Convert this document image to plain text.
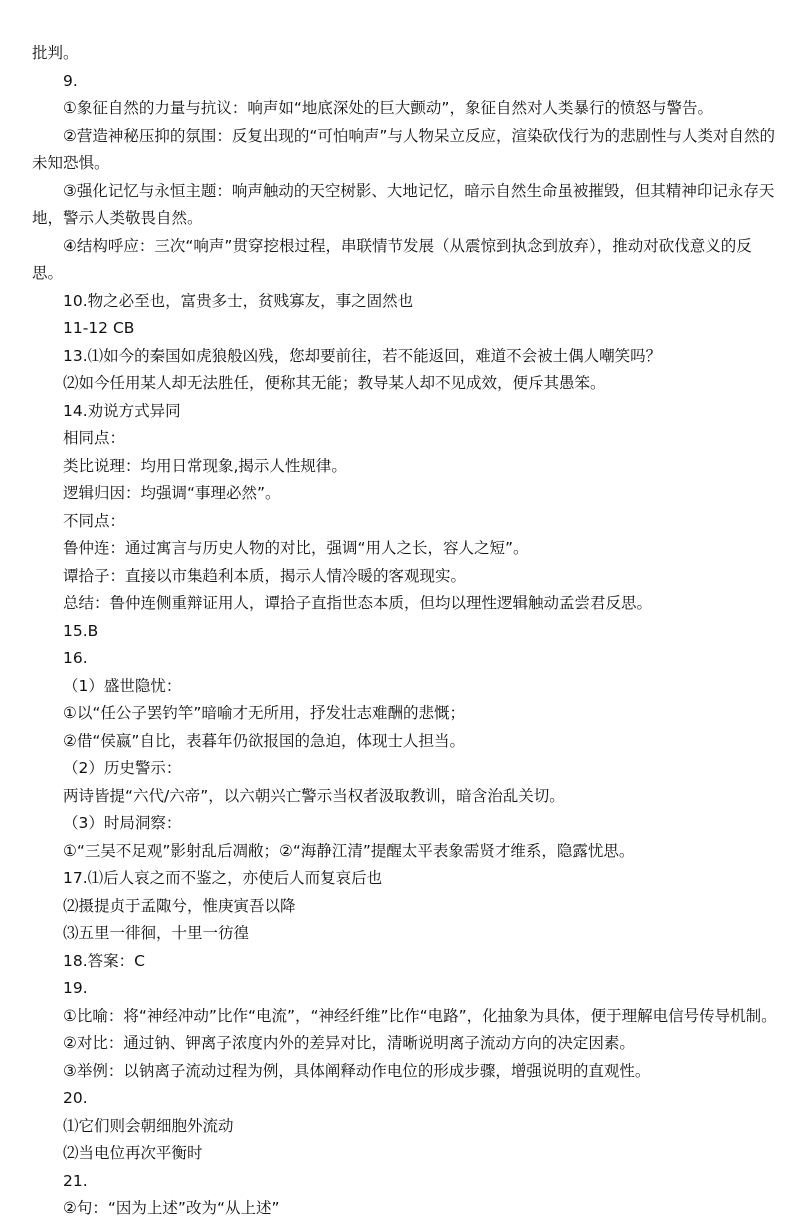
批判。
9.
①象征自然的力量与抗议：响声如“地底深处的巨大颤动”，象征自然对人类暴行的愤怒与警告。
②营造神秘压抑的氛围：反复出现的“可怕响声”与人物呆立反应，渲染砍伐行为的悲剧性与人类对自然的未知恐惧。
③强化记忆与永恒主题：响声触动的天空树影、大地记忆，暗示自然生命虽被摧毁，但其精神印记永存天地，警示人类敬畏自然。
④结构呼应：三次“响声”贯穿挖根过程，串联情节发展（从震惊到执念到放弃），推动对砍伐意义的反思。
10.物之必至也，富贵多士，贫贱寡友，事之固然也
11-12 CB
13.⑴如今的秦国如虎狼般凶残，您却要前往，若不能返回，难道不会被土偶人嘲笑吗？
⑵如今任用某人却无法胜任，便称其无能；教导某人却不见成效，便斥其愚笨。
14.劝说方式异同
相同点：
类比说理：均用日常现象,揭示人性规律。
逻辑归因：均强调“事理必然”。
不同点：
鲁仲连：通过寓言与历史人物的对比，强调“用人之长，容人之短”。
谭拾子：直接以市集趋利本质，揭示人情冷暖的客观现实。
总结：鲁仲连侧重辩证用人，谭拾子直指世态本质，但均以理性逻辑触动孟尝君反思。
15.B
16.
（1）盛世隐忧：
①以“任公子罢钓竿”暗喻才无所用，抒发壮志难酬的悲慨；
②借“侯嬴”自比，表暮年仍欲报国的急迫，体现士人担当。
（2）历史警示：
两诗皆提“六代/六帝”，以六朝兴亡警示当权者汲取教训，暗含治乱关切。
（3）时局洞察：
①“三吴不足观”影射乱后凋敝；②“海静江清”提醒太平表象需贤才维系，隐露忧思。
17.⑴后人哀之而不鉴之，亦使后人而复哀后也
⑵摄提贞于孟陬兮，惟庚寅吾以降
⑶五里一徘徊，十里一彷徨
18.答案：C
19.
①比喻：将“神经冲动”比作“电流”，“神经纤维”比作“电路”，化抽象为具体，便于理解电信号传导机制。
②对比：通过钠、钾离子浓度内外的差异对比，清晰说明离子流动方向的决定因素。
③举例：以钠离子流动过程为例，具体阐释动作电位的形成步骤，增强说明的直观性。
20.
⑴它们则会朝细胞外流动
⑵当电位再次平衡时
21.
②句：“因为上述”改为“从上述”
